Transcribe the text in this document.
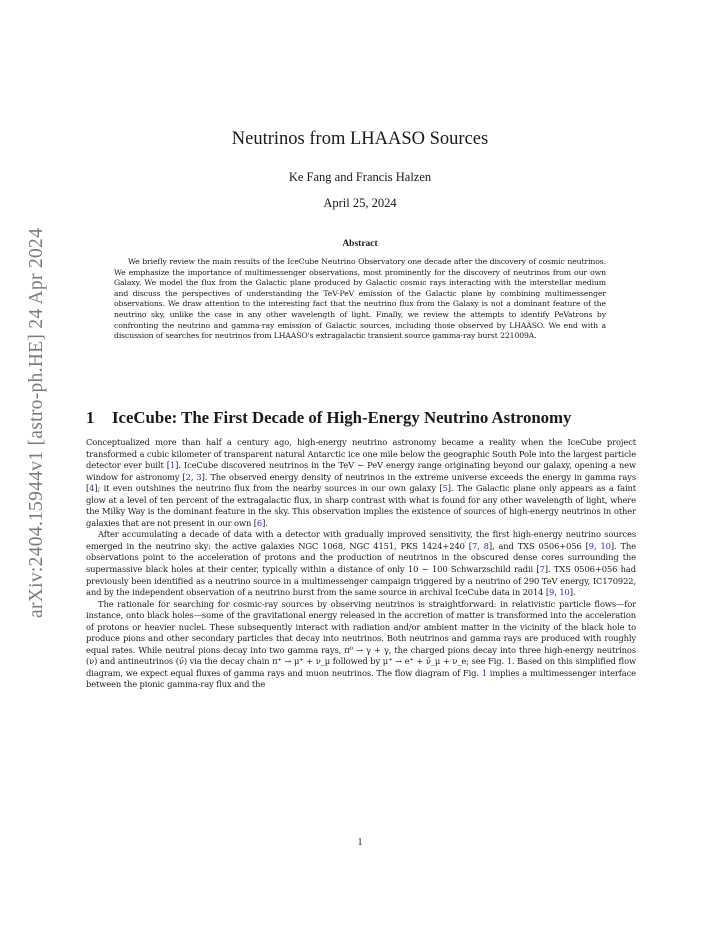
arXiv:2404.15944v1 [astro-ph.HE] 24 Apr 2024
Neutrinos from LHAASO Sources
Ke Fang and Francis Halzen
April 25, 2024
Abstract
We briefly review the main results of the IceCube Neutrino Observatory one decade after the discovery of cosmic neutrinos. We emphasize the importance of multimessenger observations, most prominently for the discovery of neutrinos from our own Galaxy. We model the flux from the Galactic plane produced by Galactic cosmic rays interacting with the interstellar medium and discuss the perspectives of understanding the TeV-PeV emission of the Galactic plane by combining multimessenger observations. We draw attention to the interesting fact that the neutrino flux from the Galaxy is not a dominant feature of the neutrino sky, unlike the case in any other wavelength of light. Finally, we review the attempts to identify PeVatrons by confronting the neutrino and gamma-ray emission of Galactic sources, including those observed by LHAASO. We end with a discussion of searches for neutrinos from LHAASO's extragalactic transient source gamma-ray burst 221009A.
1 IceCube: The First Decade of High-Energy Neutrino Astronomy

Conceptualized more than half a century ago, high-energy neutrino astronomy became a reality when the IceCube project transformed a cubic kilometer of transparent natural Antarctic ice one mile below the geographic South Pole into the largest particle detector ever built [1]. IceCube discovered neutrinos in the TeV ∼ PeV energy range originating beyond our galaxy, opening a new window for astronomy [2, 3]. The observed energy density of neutrinos in the extreme universe exceeds the energy in gamma rays [4]; it even outshines the neutrino flux from the nearby sources in our own galaxy [5]. The Galactic plane only appears as a faint glow at a level of ten percent of the extragalactic flux, in sharp contrast with what is found for any other wavelength of light, where the Milky Way is the dominant feature in the sky. This observation implies the existence of sources of high-energy neutrinos in other galaxies that are not present in our own [6].

After accumulating a decade of data with a detector with gradually improved sensitivity, the first high-energy neutrino sources emerged in the neutrino sky: the active galaxies NGC 1068, NGC 4151, PKS 1424+240 [7, 8], and TXS 0506+056 [9, 10]. The observations point to the acceleration of protons and the production of neutrinos in the obscured dense cores surrounding the supermassive black holes at their center, typically within a distance of only 10 ∼ 100 Schwarzschild radii [7]. TXS 0506+056 had previously been identified as a neutrino source in a multimessenger campaign triggered by a neutrino of 290 TeV energy, IC170922, and by the independent observation of a neutrino burst from the same source in archival IceCube data in 2014 [9, 10].

The rationale for searching for cosmic-ray sources by observing neutrinos is straightforward: in relativistic particle flows—for instance, onto black holes—some of the gravitational energy released in the accretion of matter is transformed into the acceleration of protons or heavier nuclei. These subsequently interact with radiation and/or ambient matter in the vicinity of the black hole to produce pions and other secondary particles that decay into neutrinos. Both neutrinos and gamma rays are produced with roughly equal rates. While neutral pions decay into two gamma rays, π⁰ → γ + γ, the charged pions decay into three high-energy neutrinos (ν) and antineutrinos (ν̄) via the decay chain π⁺ → μ⁺ + ν_μ followed by μ⁺ → e⁺ + ν̄_μ + ν_e; see Fig. 1. Based on this simplified flow diagram, we expect equal fluxes of gamma rays and muon neutrinos. The flow diagram of Fig. 1 implies a multimessenger interface between the pionic gamma-ray flux and the

1
